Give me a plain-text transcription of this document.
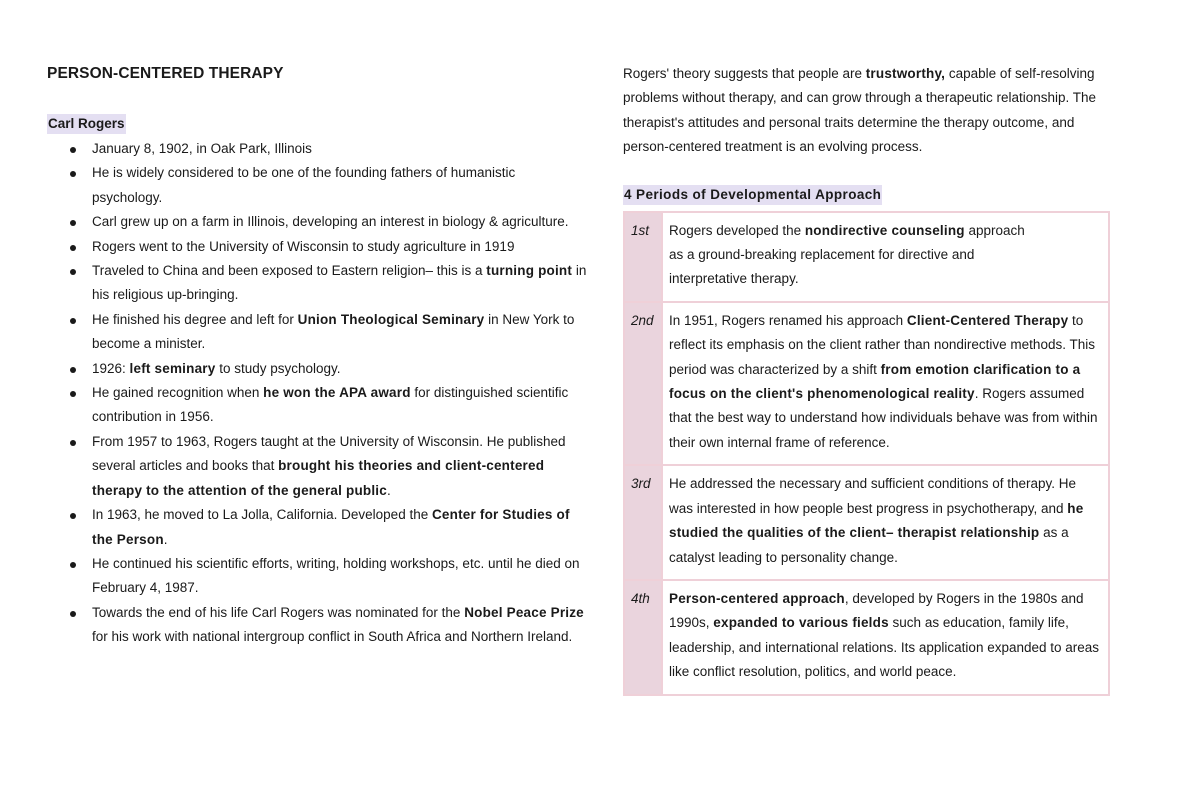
PERSON-CENTERED THERAPY
Carl Rogers
January 8, 1902, in Oak Park, Illinois
He is widely considered to be one of the founding fathers of humanistic psychology.
Carl grew up on a farm in Illinois, developing an interest in biology & agriculture.
Rogers went to the University of Wisconsin to study agriculture in 1919
Traveled to China and been exposed to Eastern religion– this is a turning point in his religious up-bringing.
He finished his degree and left for Union Theological Seminary in New York to become a minister.
1926: left seminary to study psychology.
He gained recognition when he won the APA award for distinguished scientific contribution in 1956.
From 1957 to 1963, Rogers taught at the University of Wisconsin. He published several articles and books that brought his theories and client-centered therapy to the attention of the general public.
In 1963, he moved to La Jolla, California. Developed the Center for Studies of the Person.
He continued his scientific efforts, writing, holding workshops, etc. until he died on February 4, 1987.
Towards the end of his life Carl Rogers was nominated for the Nobel Peace Prize for his work with national intergroup conflict in South Africa and Northern Ireland.

Rogers' theory suggests that people are trustworthy, capable of self-resolving problems without therapy, and can grow through a therapeutic relationship. The therapist's attitudes and personal traits determine the therapy outcome, and person-centered treatment is an evolving process.

4 Periods of Developmental Approach
1st	Rogers developed the nondirective counseling approach
as a ground-breaking replacement for directive and
interpretative therapy.
2nd	In 1951, Rogers renamed his approach Client-Centered Therapy to reflect its emphasis on the client rather than nondirective methods. This period was characterized by a shift from emotion clarification to a focus on the client's phenomenological reality. Rogers assumed that the best way to understand how individuals behave was from within their own internal frame of reference.
3rd	He addressed the necessary and sufficient conditions of therapy. He was interested in how people best progress in psychotherapy, and he studied the qualities of the client– therapist relationship as a catalyst leading to personality change.
4th	Person-centered approach, developed by Rogers in the 1980s and 1990s, expanded to various fields such as education, family life, leadership, and international relations. Its application expanded to areas like conflict resolution, politics, and world peace.
